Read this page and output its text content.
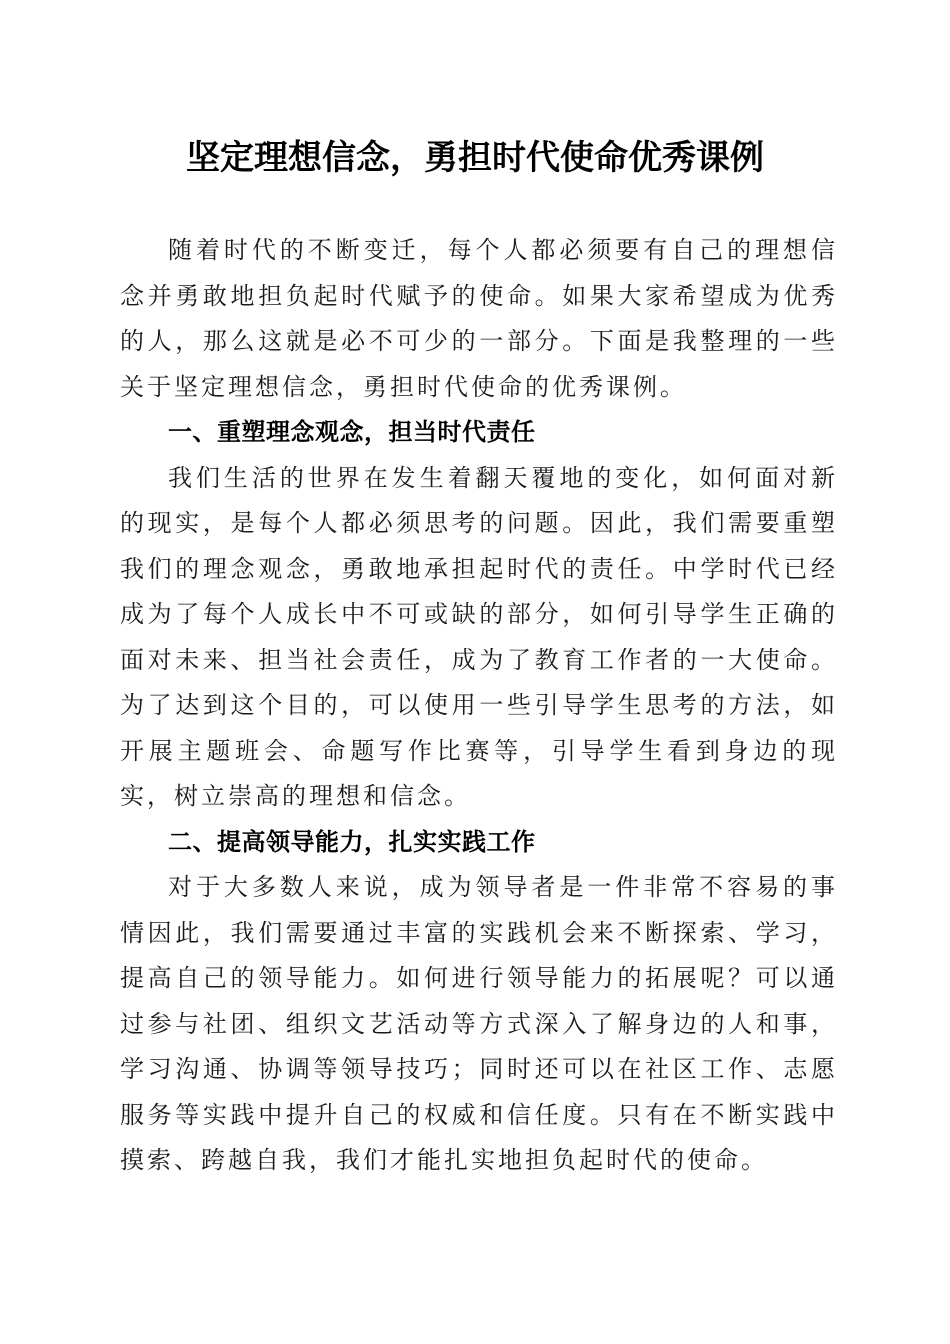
坚定理想信念，勇担时代使命优秀课例

随着时代的不断变迁，每个人都必须要有自己的理想信念并勇敢地担负起时代赋予的使命。如果大家希望成为优秀的人，那么这就是必不可少的一部分。下面是我整理的一些关于坚定理想信念，勇担时代使命的优秀课例。

一、重塑理念观念，担当时代责任

我们生活的世界在发生着翻天覆地的变化，如何面对新的现实，是每个人都必须思考的问题。因此，我们需要重塑我们的理念观念，勇敢地承担起时代的责任。中学时代已经成为了每个人成长中不可或缺的部分，如何引导学生正确的面对未来、担当社会责任，成为了教育工作者的一大使命。为了达到这个目的，可以使用一些引导学生思考的方法，如开展主题班会、命题写作比赛等，引导学生看到身边的现实，树立崇高的理想和信念。

二、提高领导能力，扎实实践工作

对于大多数人来说，成为领导者是一件非常不容易的事情因此，我们需要通过丰富的实践机会来不断探索、学习，提高自己的领导能力。如何进行领导能力的拓展呢？可以通过参与社团、组织文艺活动等方式深入了解身边的人和事，学习沟通、协调等领导技巧；同时还可以在社区工作、志愿服务等实践中提升自己的权威和信任度。只有在不断实践中摸索、跨越自我，我们才能扎实地担负起时代的使命。
